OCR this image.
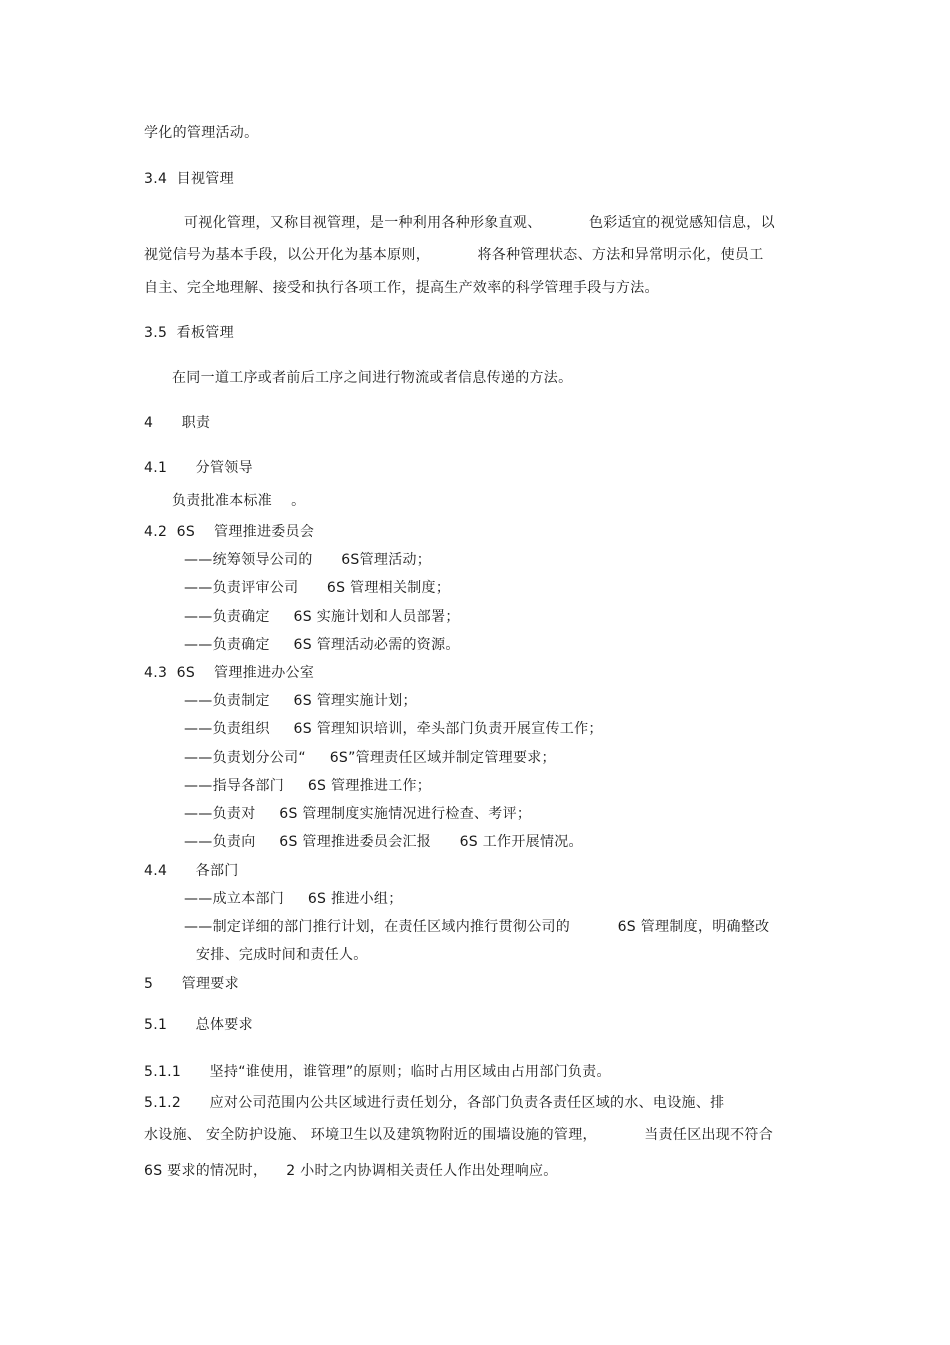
学化的管理活动。
3.4  目视管理
可视化管理，又称目视管理，是一种利用各种形象直观、          色彩适宜的视觉感知信息，以
视觉信号为基本手段，以公开化为基本原则，          将各种管理状态、方法和异常明示化，使员工
自主、完全地理解、接受和执行各项工作，提高生产效率的科学管理手段与方法。
3.5  看板管理
在同一道工序或者前后工序之间进行物流或者信息传递的方法。
4      职责
4.1      分管领导
负责批准本标准    。
4.2  6S    管理推进委员会
——统筹领导公司的      6S管理活动；
——负责评审公司      6S 管理相关制度；
——负责确定     6S 实施计划和人员部署；
——负责确定     6S 管理活动必需的资源。
4.3  6S    管理推进办公室
——负责制定     6S 管理实施计划；
——负责组织     6S 管理知识培训，牵头部门负责开展宣传工作；
——负责划分公司“     6S”管理责任区域并制定管理要求；
——指导各部门     6S 管理推进工作；
——负责对     6S 管理制度实施情况进行检查、考评；
——负责向     6S 管理推进委员会汇报      6S 工作开展情况。
4.4      各部门
——成立本部门     6S 推进小组；
——制定详细的部门推行计划，在责任区域内推行贯彻公司的          6S 管理制度，明确整改
安排、完成时间和责任人。
5      管理要求
5.1      总体要求
5.1.1      坚持“谁使用，谁管理”的原则；临时占用区域由占用部门负责。
5.1.2      应对公司范围内公共区域进行责任划分，各部门负责各责任区域的水、电设施、排
水设施、 安全防护设施、 环境卫生以及建筑物附近的围墙设施的管理，          当责任区出现不符合
6S 要求的情况时，    2 小时之内协调相关责任人作出处理响应。
